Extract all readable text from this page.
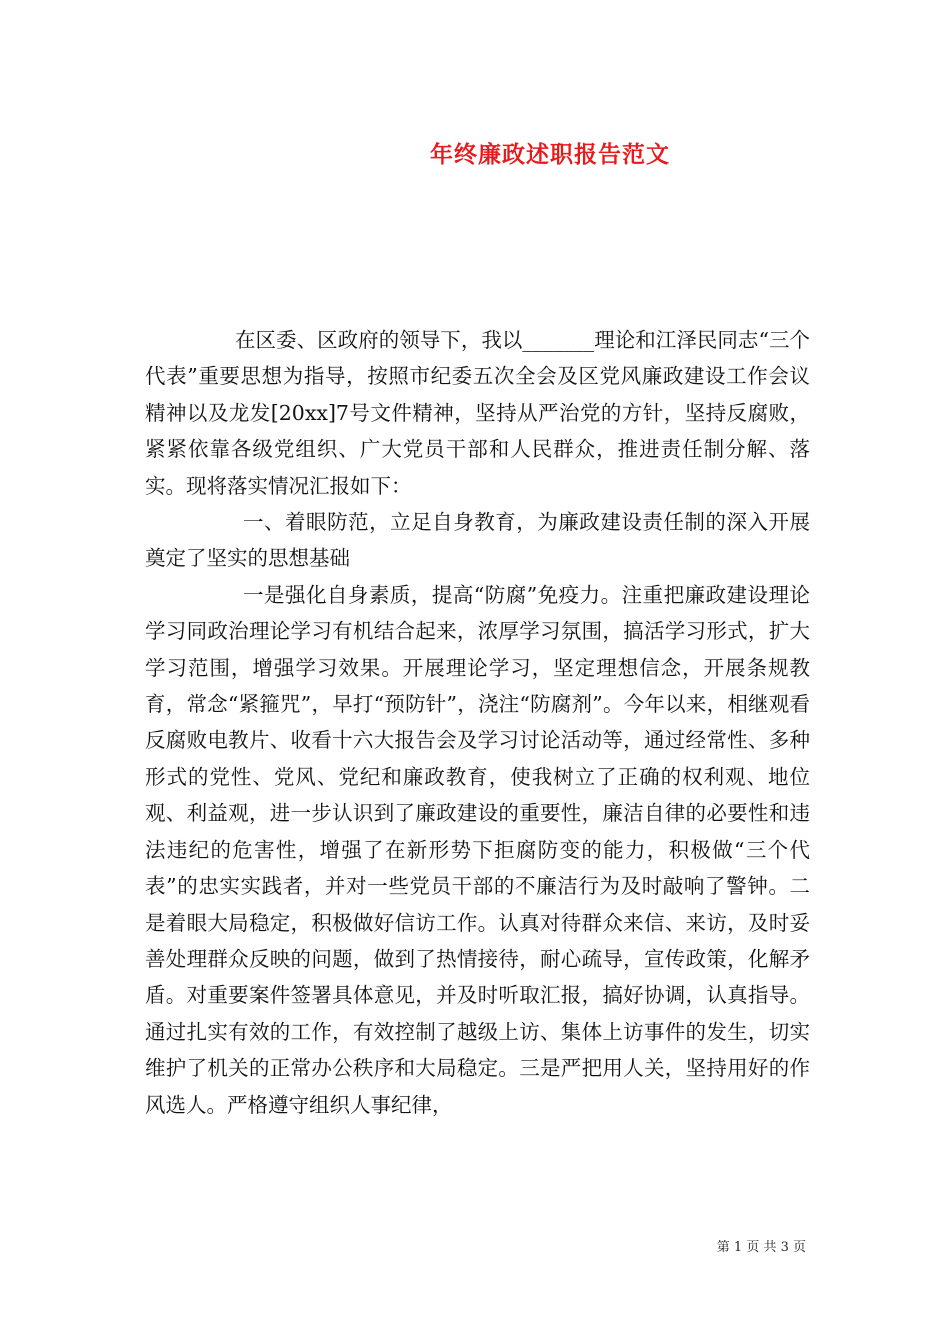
年终廉政述职报告范文

在区委、区政府的领导下，我以_______理论和江泽民同志“三个代表”重要思想为指导，按照市纪委五次全会及区党风廉政建设工作会议精神以及龙发[20xx]7号文件精神，坚持从严治党的方针，坚持反腐败，紧紧依靠各级党组织、广大党员干部和人民群众，推进责任制分解、落实。现将落实情况汇报如下：

一、着眼防范，立足自身教育，为廉政建设责任制的深入开展奠定了坚实的思想基础

一是强化自身素质，提高“防腐”免疫力。注重把廉政建设理论学习同政治理论学习有机结合起来，浓厚学习氛围，搞活学习形式，扩大学习范围，增强学习效果。开展理论学习，坚定理想信念，开展条规教育，常念“紧箍咒”，早打“预防针”，浇注“防腐剂”。今年以来，相继观看反腐败电教片、收看十六大报告会及学习讨论活动等，通过经常性、多种形式的党性、党风、党纪和廉政教育，使我树立了正确的权利观、地位观、利益观，进一步认识到了廉政建设的重要性，廉洁自律的必要性和违法违纪的危害性，增强了在新形势下拒腐防变的能力，积极做“三个代表”的忠实实践者，并对一些党员干部的不廉洁行为及时敲响了警钟。二是着眼大局稳定，积极做好信访工作。认真对待群众来信、来访，及时妥善处理群众反映的问题，做到了热情接待，耐心疏导，宣传政策，化解矛盾。对重要案件签署具体意见，并及时听取汇报，搞好协调，认真指导。通过扎实有效的工作，有效控制了越级上访、集体上访事件的发生，切实维护了机关的正常办公秩序和大局稳定。三是严把用人关，坚持用好的作风选人。严格遵守组织人事纪律，

第 1 页 共 3 页
